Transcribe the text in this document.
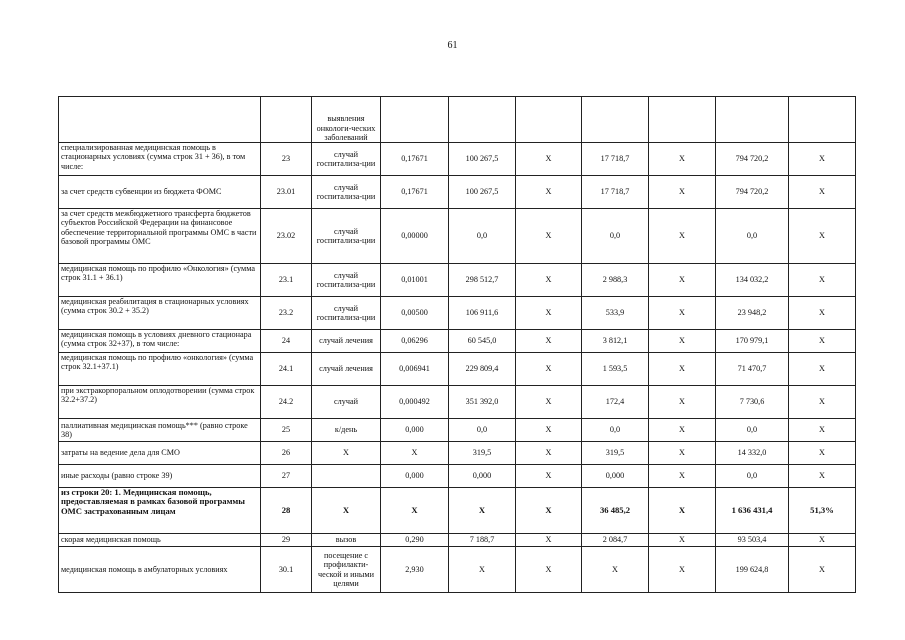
61
		выявления онкологи-ческих заболеваний							
специализированная медицинская помощь в стационарных условиях (сумма строк 31 + 36), в том числе:	23	случай госпитализа-ции	0,17671	100 267,5	Х	17 718,7	Х	794 720,2	Х
за счет средств субвенции из бюджета ФОМС	23.01	случай госпитализа-ции	0,17671	100 267,5	Х	17 718,7	Х	794 720,2	Х
за счет средств межбюджетного трансферта бюджетов субъектов Российской Федерации на финансовое обеспечение территориальной программы ОМС в части базовой программы ОМС	23.02	случай госпитализа-ции	0,00000	0,0	Х	0,0	Х	0,0	Х
медицинская помощь по профилю «Онкология» (сумма строк 31.1 + 36.1)	23.1	случай госпитализа-ции	0,01001	298 512,7	Х	2 988,3	Х	134 032,2	Х
медицинская реабилитация в стационарных условиях (сумма строк 30.2 + 35.2)	23.2	случай госпитализа-ции	0,00500	106 911,6	Х	533,9	Х	23 948,2	Х
медицинская помощь в условиях дневного стационара (сумма строк 32+37), в том числе:	24	случай лечения	0,06296	60 545,0	Х	3 812,1	Х	170 979,1	Х
медицинская помощь по профилю «онкология» (сумма строк 32.1+37.1)	24.1	случай лечения	0,006941	229 809,4	Х	1 593,5	Х	71 470,7	Х
при экстракорпоральном оплодотворении (сумма строк 32.2+37.2)	24.2	случай	0,000492	351 392,0	Х	172,4	Х	7 730,6	Х
паллиативная медицинская помощь*** (равно строке 38)	25	к/день	0,000	0,0	Х	0,0	Х	0,0	Х
затраты на ведение дела для СМО	26	Х	Х	319,5	Х	319,5	Х	14 332,0	Х
иные расходы (равно строке 39)	27		0,000	0,000	Х	0,000	Х	0,0	Х
из строки 20: 1. Медицинская помощь, предоставляемая в рамках базовой программы ОМС застрахованным лицам	28	Х	Х	Х	Х	36 485,2	Х	1 636 431,4	51,3%
скорая медицинская помощь	29	вызов	0,290	7 188,7	Х	2 084,7	Х	93 503,4	Х
медицинская помощь в амбулаторных условиях	30.1	посещение с профилакти-ческой и иными целями	2,930	Х	Х	Х	Х	199 624,8	Х
